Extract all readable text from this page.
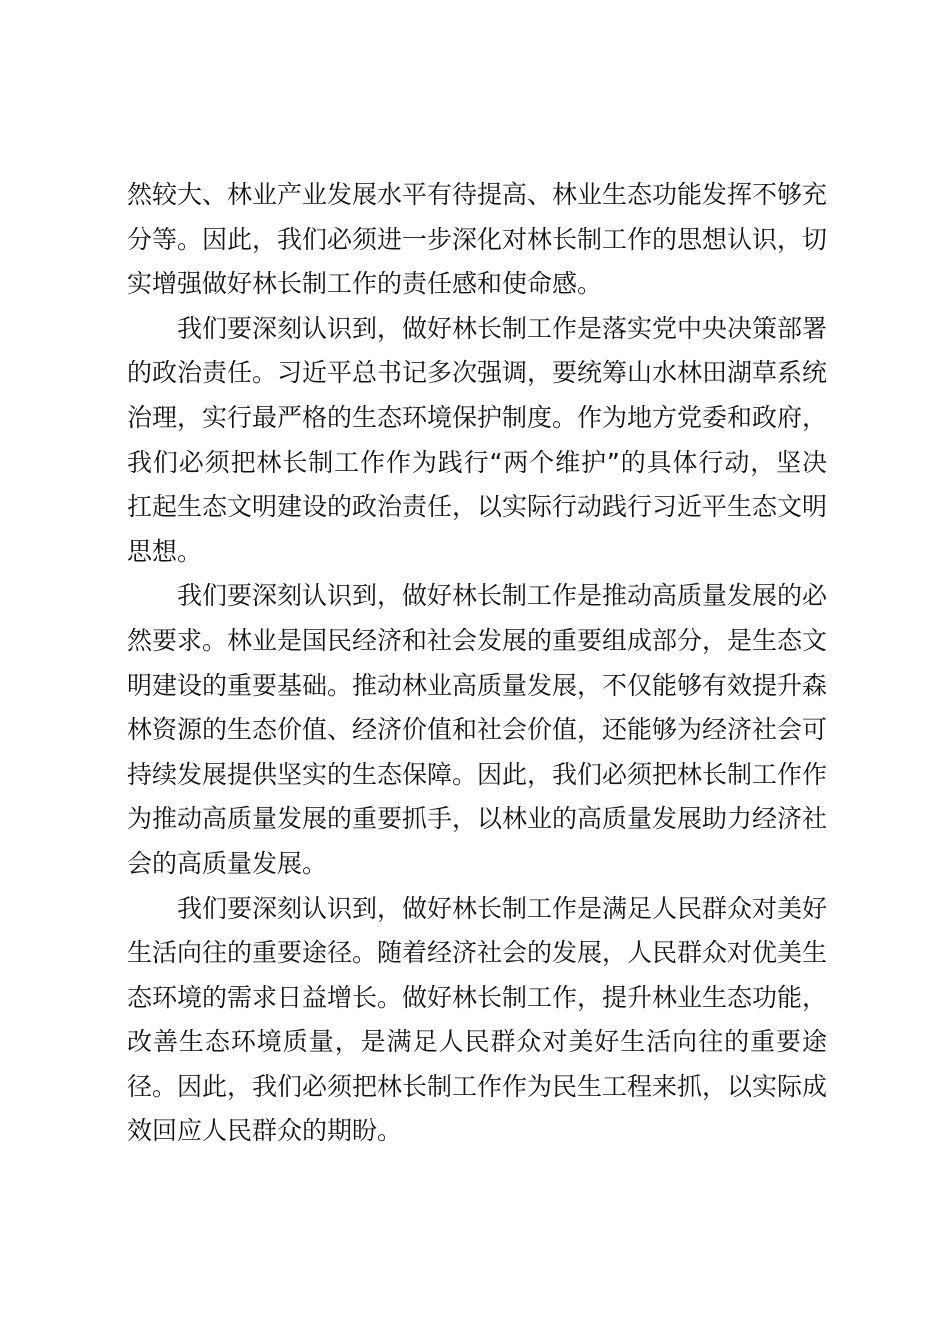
然较大、林业产业发展水平有待提高、林业生态功能发挥不够充分等。因此，我们必须进一步深化对林长制工作的思想认识，切实增强做好林长制工作的责任感和使命感。

我们要深刻认识到，做好林长制工作是落实党中央决策部署的政治责任。习近平总书记多次强调，要统筹山水林田湖草系统治理，实行最严格的生态环境保护制度。作为地方党委和政府，我们必须把林长制工作作为践行“两个维护”的具体行动，坚决扛起生态文明建设的政治责任，以实际行动践行习近平生态文明思想。

我们要深刻认识到，做好林长制工作是推动高质量发展的必然要求。林业是国民经济和社会发展的重要组成部分，是生态文明建设的重要基础。推动林业高质量发展，不仅能够有效提升森林资源的生态价值、经济价值和社会价值，还能够为经济社会可持续发展提供坚实的生态保障。因此，我们必须把林长制工作作为推动高质量发展的重要抓手，以林业的高质量发展助力经济社会的高质量发展。

我们要深刻认识到，做好林长制工作是满足人民群众对美好生活向往的重要途径。随着经济社会的发展，人民群众对优美生态环境的需求日益增长。做好林长制工作，提升林业生态功能，改善生态环境质量，是满足人民群众对美好生活向往的重要途径。因此，我们必须把林长制工作作为民生工程来抓，以实际成效回应人民群众的期盼。
